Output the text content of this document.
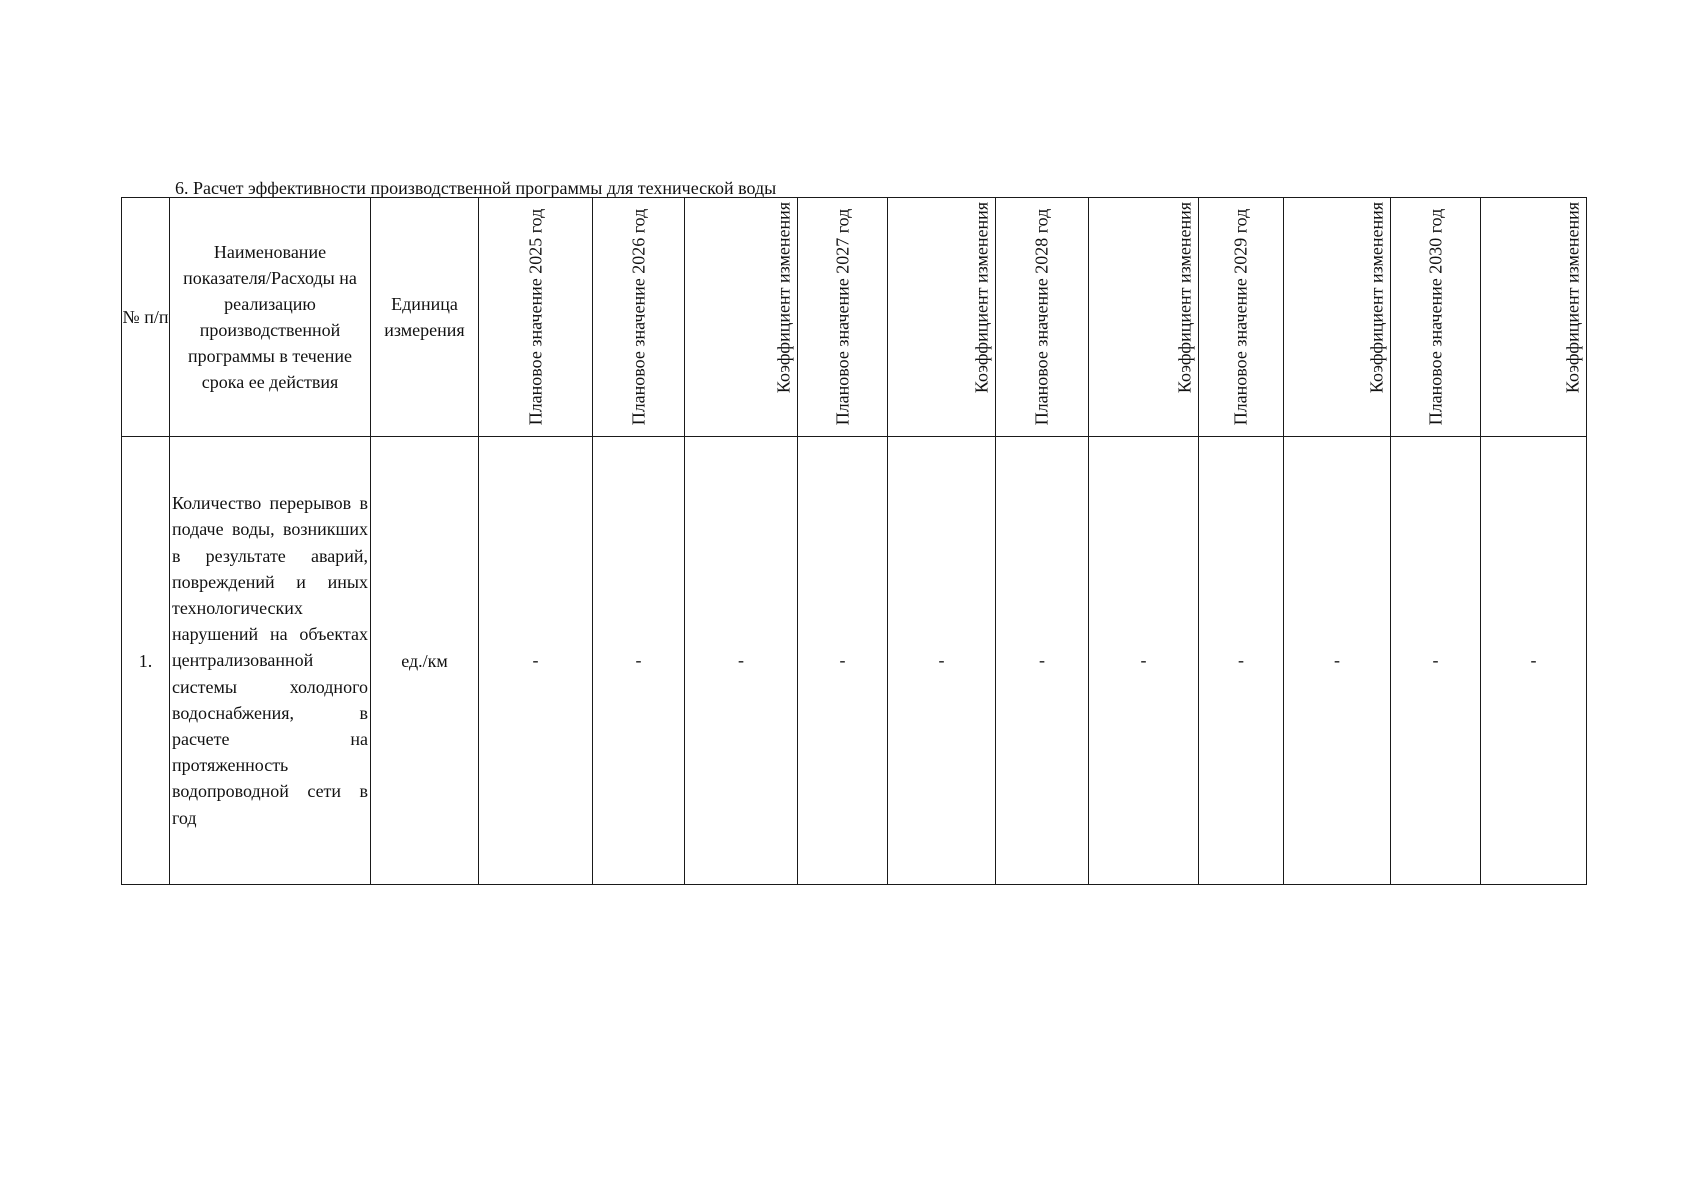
6. Расчет эффективности производственной программы для технической воды
№ п/п	Наименование показателя/Расходы на реализацию производственной программы в течение срока ее действия	Единица измерения	Плановое значение 2025 год	Плановое значение 2026 год	Коэффициент изменения	Плановое значение 2027 год	Коэффициент изменения	Плановое значение 2028 год	Коэффициент изменения	Плановое значение 2029 год	Коэффициент изменения	Плановое значение 2030 год	Коэффициент изменения

1.	Количество перерывов в подаче воды, возникших в результате аварий, повреждений и иных технологических нарушений на объектах централизованной системы холодного водоснабжения, в расчете на протяженность водопроводной сети в год	ед./км	-	-	-	-	-	-	-	-	-	-	-
